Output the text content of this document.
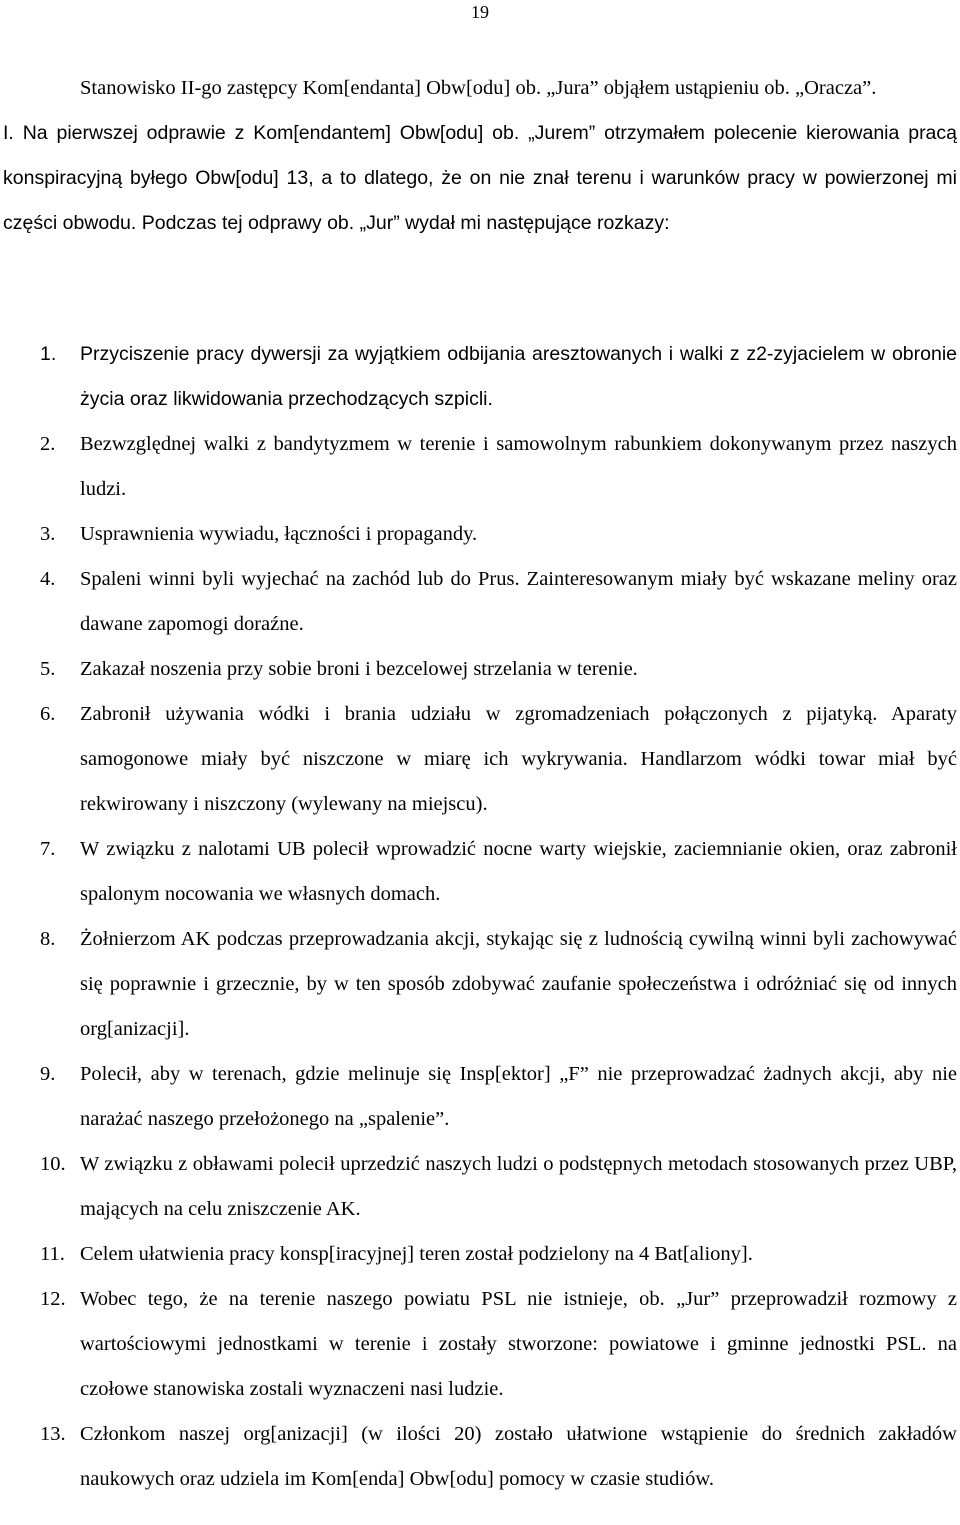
19

Stanowisko II-go zastępcy Kom[endanta] Obw[odu] ob. „Jura” objąłem ustąpieniu ob. „Oracza”.

I. Na pierwszej odprawie z Kom[endantem] Obw[odu] ob. „Jurem” otrzymałem polecenie kierowania pracą konspiracyjną byłego Obw[odu] 13, a to dlatego, że on nie znał terenu i warunków pracy w powierzonej mi części obwodu. Podczas tej odprawy ob. „Jur” wydał mi następujące rozkazy:

1. Przyciszenie pracy dywersji za wyjątkiem odbijania aresztowanych i walki z z2-zyjacielem w obronie życia oraz likwidowania przechodzących szpicli.
2. Bezwzględnej walki z bandytyzmem w terenie i samowolnym rabunkiem dokonywanym przez naszych ludzi.
3. Usprawnienia wywiadu, łączności i propagandy.
4. Spaleni winni byli wyjechać na zachód lub do Prus. Zainteresowanym miały być wskazane meliny oraz dawane zapomogi doraźne.
5. Zakazał noszenia przy sobie broni i bezcelowej strzelania w terenie.
6. Zabronił używania wódki i brania udziału w zgromadzeniach połączonych z pijatyką. Aparaty samogonowe miały być niszczone w miarę ich wykrywania. Handlarzom wódki towar miał być rekwirowany i niszczony (wylewany na miejscu).
7. W związku z nalotami UB polecił wprowadzić nocne warty wiejskie, zaciemnianie okien, oraz zabronił spalonym nocowania we własnych domach.
8. Żołnierzom AK podczas przeprowadzania akcji, stykając się z ludnością cywilną winni byli zachowywać się poprawnie i grzecznie, by w ten sposób zdobywać zaufanie społeczeństwa i odróżniać się od innych org[anizacji].
9. Polecił, aby w terenach, gdzie melinuje się Insp[ektor] „F” nie przeprowadzać żadnych akcji, aby nie narażać naszego przełożonego na „spalenie”.
10. W związku z obławami polecił uprzedzić naszych ludzi o podstępnych metodach stosowanych przez UBP, mających na celu zniszczenie AK.
11. Celem ułatwienia pracy konsp[iracyjnej] teren został podzielony na 4 Bat[aliony].
12. Wobec tego, że na terenie naszego powiatu PSL nie istnieje, ob. „Jur” przeprowadził rozmowy z wartościowymi jednostkami w terenie i zostały stworzone: powiatowe i gminne jednostki PSL. na czołowe stanowiska zostali wyznaczeni nasi ludzie.
13. Członkom naszej org[anizacji] (w ilości 20) zostało ułatwione wstąpienie do średnich zakładów naukowych oraz udziela im Kom[enda] Obw[odu] pomocy w czasie studiów.
